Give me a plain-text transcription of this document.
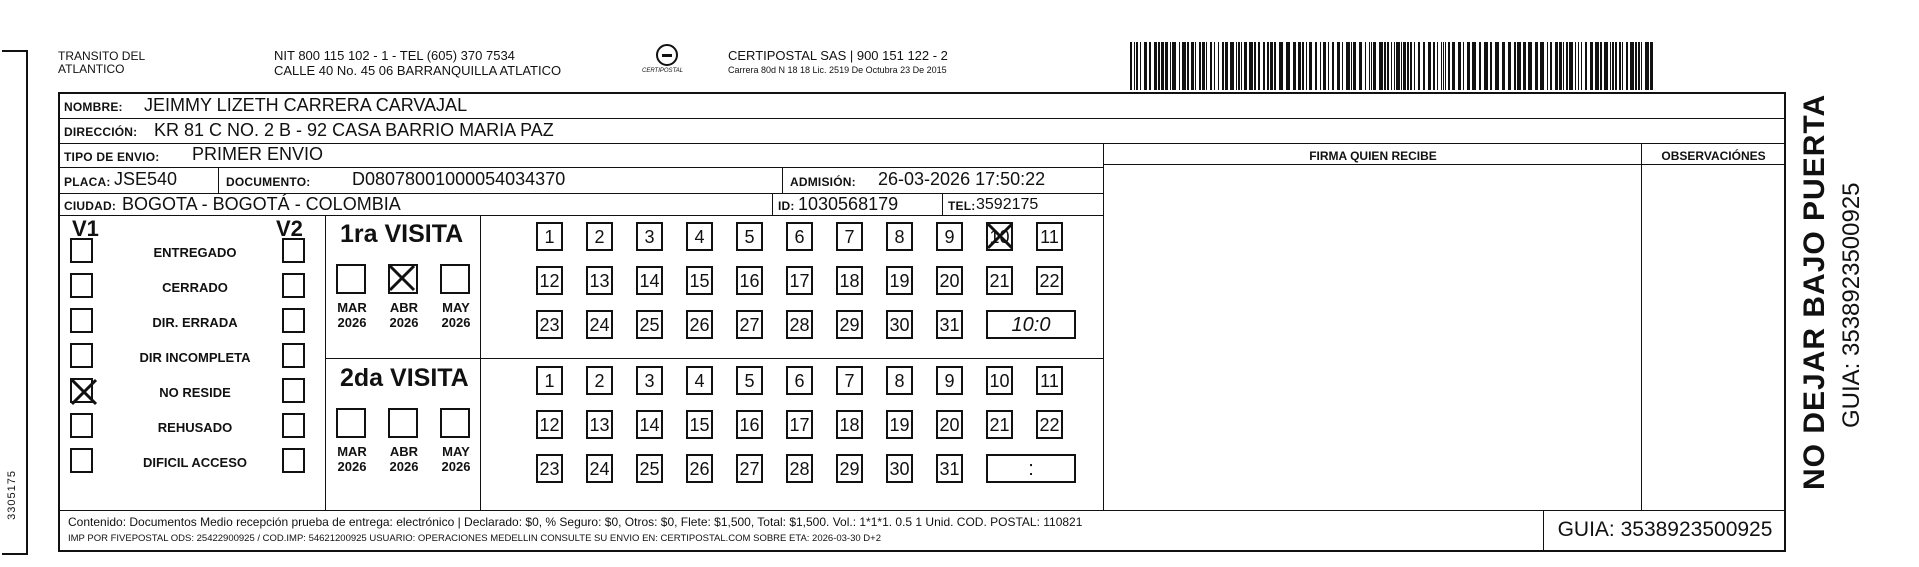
3305175
TRANSITO DEL ATLANTICO
NIT 800 115 102 - 1 - TEL (605) 370 7534
CALLE 40 No. 45 06 BARRANQUILLA ATLATICO	CERTIPOSTAL
CERTIPOSTAL SAS | 900 151 122 - 2
Carrera 80d N 18 18 Lic. 2519 De Octubra 23 De 2015
NOMBRE: JEIMMY LIZETH CARRERA CARVAJAL
DIRECCIÓN: KR 81 C NO. 2 B - 92 CASA BARRIO MARIA PAZ
TIPO DE ENVIO: PRIMER ENVIO
PLACA: JSE540	DOCUMENTO: D08078001000054034370	ADMISIÓN: 26-03-2026 17:50:22
CIUDAD: BOGOTA - BOGOTÁ - COLOMBIA	ID: 1030568179	TEL: 3592175
FIRMA QUIEN RECIBE	OBSERVACIÓNES
V1	V2 1ra VISITA
2da VISITA
ENTREGADO
CERRADO
DIR. ERRADA
DIR INCOMPLETA
NO RESIDE
REHUSADO
DIFICIL ACCESO
MAR
2026
ABR
2026
MAY
2026
1	2	3	4	5	6	7	8	9	10 11
12 13 14 15 16 17 18 19 20 21 22
23 24 25 26 27 28 29 30 31	10:0
MAR
2026
ABR
2026
MAY
2026
1	2	3	4	5	6	7	8	9	10 11
12 13 14 15 16 17 18 19 20 21 22
23 24 25 26 27 28 29 30 31	:
Contenido: Documentos Medio recepción prueba de entrega: electrónico | Declarado: $0, % Seguro: $0, Otros: $0, Flete: $1,500, Total: $1,500. Vol.: 1*1*1. 0.5 1 Unid. COD. POSTAL: 110821
IMP POR FIVEPOSTAL ODS: 25422900925 / COD.IMP: 54621200925 USUARIO: OPERACIONES MEDELLIN CONSULTE SU ENVIO EN: CERTIPOSTAL.COM SOBRE ETA: 2026-03-30 D+2	GUIA: 3538923500925
NO DEJAR BAJO PUERTA GUIA: 3538923500925
